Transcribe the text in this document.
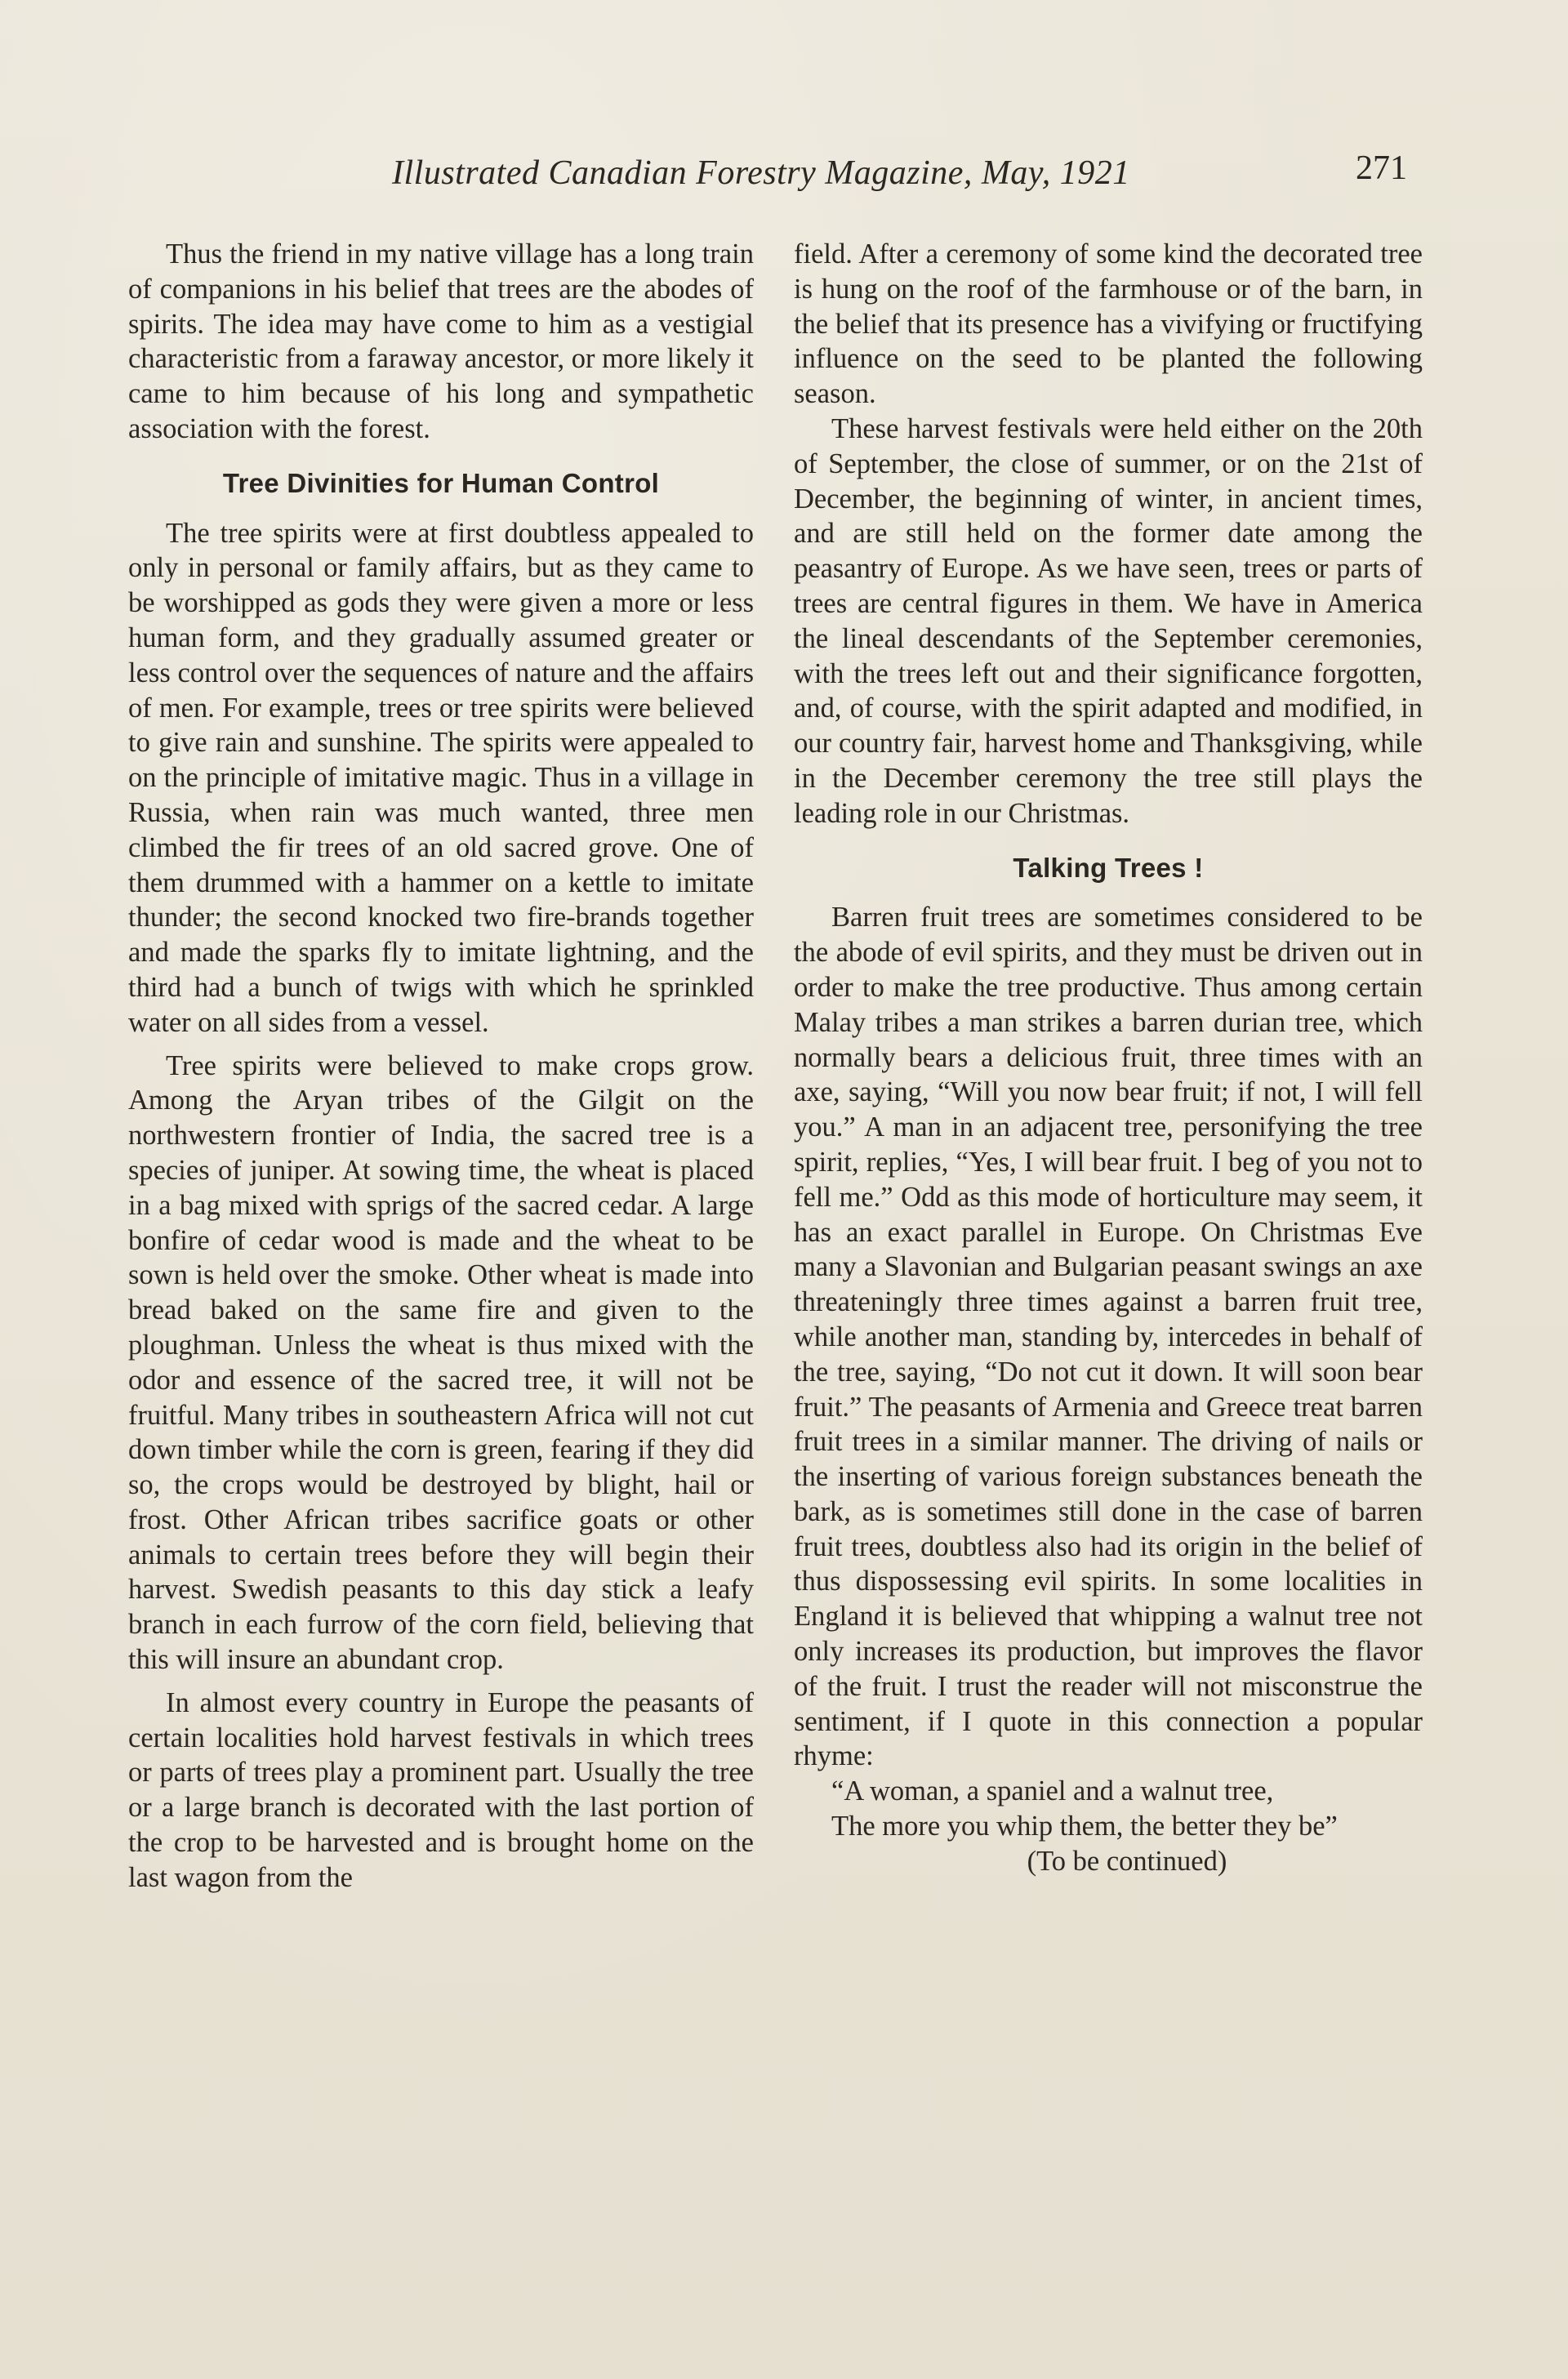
Illustrated Canadian Forestry Magazine, May, 1921	271

Thus the friend in my native village has a long train of companions in his belief that trees are the abodes of spirits. The idea may have come to him as a vestigial characteristic from a faraway ancestor, or more likely it came to him because of his long and sympathetic association with the forest.

Tree Divinities for Human Control

The tree spirits were at first doubtless appealed to only in personal or family affairs, but as they came to be worshipped as gods they were given a more or less human form, and they gradually assumed greater or less control over the sequences of nature and the affairs of men. For example, trees or tree spirits were believed to give rain and sunshine. The spirits were appealed to on the principle of imitative magic. Thus in a village in Russia, when rain was much wanted, three men climbed the fir trees of an old sacred grove. One of them drummed with a hammer on a kettle to imitate thunder; the second knocked two fire-brands together and made the sparks fly to imitate lightning, and the third had a bunch of twigs with which he sprinkled water on all sides from a vessel.

Tree spirits were believed to make crops grow. Among the Aryan tribes of the Gilgit on the northwestern frontier of India, the sacred tree is a species of juniper. At sowing time, the wheat is placed in a bag mixed with sprigs of the sacred cedar. A large bonfire of cedar wood is made and the wheat to be sown is held over the smoke. Other wheat is made into bread baked on the same fire and given to the ploughman. Unless the wheat is thus mixed with the odor and essence of the sacred tree, it will not be fruitful. Many tribes in southeastern Africa will not cut down timber while the corn is green, fearing if they did so, the crops would be destroyed by blight, hail or frost. Other African tribes sacrifice goats or other animals to certain trees before they will begin their harvest. Swedish peasants to this day stick a leafy branch in each furrow of the corn field, believing that this will insure an abundant crop.

In almost every country in Europe the peasants of certain localities hold harvest festivals in which trees or parts of trees play a prominent part. Usually the tree or a large branch is decorated with the last portion of the crop to be harvested and is brought home on the last wagon from the

field. After a ceremony of some kind the decorated tree is hung on the roof of the farmhouse or of the barn, in the belief that its presence has a vivifying or fructifying influence on the seed to be planted the following season.

These harvest festivals were held either on the 20th of September, the close of summer, or on the 21st of December, the beginning of winter, in ancient times, and are still held on the former date among the peasantry of Europe. As we have seen, trees or parts of trees are central figures in them. We have in America the lineal descendants of the September ceremonies, with the trees left out and their significance forgotten, and, of course, with the spirit adapted and modified, in our country fair, harvest home and Thanksgiving, while in the December ceremony the tree still plays the leading role in our Christmas.

Talking Trees !

Barren fruit trees are sometimes considered to be the abode of evil spirits, and they must be driven out in order to make the tree productive. Thus among certain Malay tribes a man strikes a barren durian tree, which normally bears a delicious fruit, three times with an axe, saying, “Will you now bear fruit; if not, I will fell you.” A man in an adjacent tree, personifying the tree spirit, replies, “Yes, I will bear fruit. I beg of you not to fell me.” Odd as this mode of horticulture may seem, it has an exact parallel in Europe. On Christmas Eve many a Slavonian and Bulgarian peasant swings an axe threateningly three times against a barren fruit tree, while another man, standing by, intercedes in behalf of the tree, saying, “Do not cut it down. It will soon bear fruit.” The peasants of Armenia and Greece treat barren fruit trees in a similar manner. The driving of nails or the inserting of various foreign substances beneath the bark, as is sometimes still done in the case of barren fruit trees, doubtless also had its origin in the belief of thus dispossessing evil spirits. In some localities in England it is believed that whipping a walnut tree not only increases its production, but improves the flavor of the fruit. I trust the reader will not misconstrue the sentiment, if I quote in this connection a popular rhyme:

“A woman, a spaniel and a walnut tree,
The more you whip them, the better they be”

(To be continued)
